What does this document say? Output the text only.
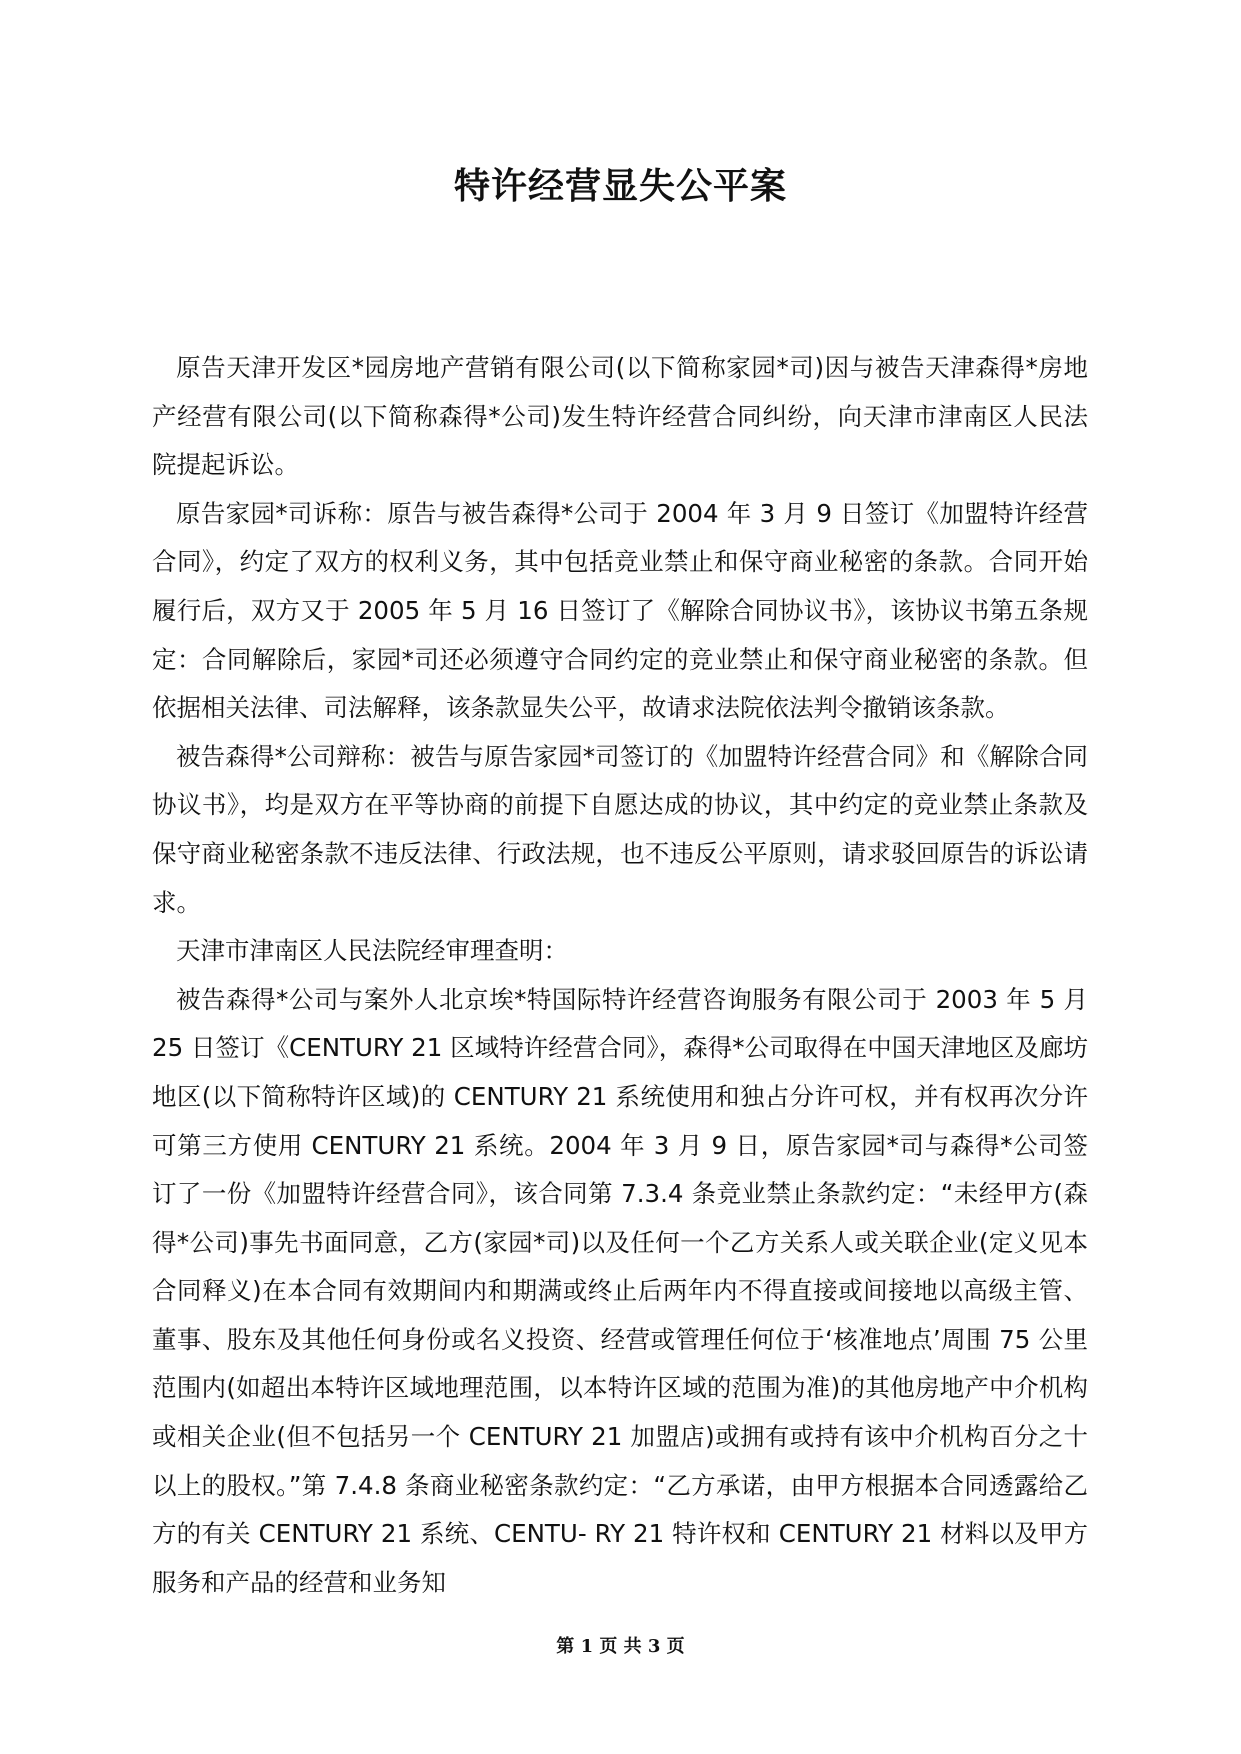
特许经营显失公平案

原告天津开发区*园房地产营销有限公司(以下简称家园*司)因与被告天津森得*房地产经营有限公司(以下简称森得*公司)发生特许经营合同纠纷，向天津市津南区人民法院提起诉讼。

原告家园*司诉称：原告与被告森得*公司于 2004 年 3 月 9 日签订《加盟特许经营合同》，约定了双方的权利义务，其中包括竞业禁止和保守商业秘密的条款。合同开始履行后，双方又于 2005 年 5 月 16 日签订了《解除合同协议书》，该协议书第五条规定：合同解除后，家园*司还必须遵守合同约定的竞业禁止和保守商业秘密的条款。但依据相关法律、司法解释，该条款显失公平，故请求法院依法判令撤销该条款。

被告森得*公司辩称：被告与原告家园*司签订的《加盟特许经营合同》和《解除合同协议书》，均是双方在平等协商的前提下自愿达成的协议，其中约定的竞业禁止条款及保守商业秘密条款不违反法律、行政法规，也不违反公平原则，请求驳回原告的诉讼请求。

天津市津南区人民法院经审理查明：

被告森得*公司与案外人北京埃*特国际特许经营咨询服务有限公司于 2003 年 5 月 25 日签订《CENTURY 21 区域特许经营合同》，森得*公司取得在中国天津地区及廊坊地区(以下简称特许区域)的 CENTURY 21 系统使用和独占分许可权，并有权再次分许可第三方使用 CENTURY 21 系统。2004 年 3 月 9 日，原告家园*司与森得*公司签订了一份《加盟特许经营合同》，该合同第 7.3.4 条竞业禁止条款约定：“未经甲方(森得*公司)事先书面同意，乙方(家园*司)以及任何一个乙方关系人或关联企业(定义见本合同释义)在本合同有效期间内和期满或终止后两年内不得直接或间接地以高级主管、董事、股东及其他任何身份或名义投资、经营或管理任何位于‘核准地点’周围 75 公里范围内(如超出本特许区域地理范围，以本特许区域的范围为准)的其他房地产中介机构或相关企业(但不包括另一个 CENTURY 21 加盟店)或拥有或持有该中介机构百分之十以上的股权。”第 7.4.8 条商业秘密条款约定：“乙方承诺，由甲方根据本合同透露给乙方的有关 CENTURY 21 系统、CENTU- RY 21 特许权和 CENTURY 21 材料以及甲方服务和产品的经营和业务知

第 1 页 共 3 页
